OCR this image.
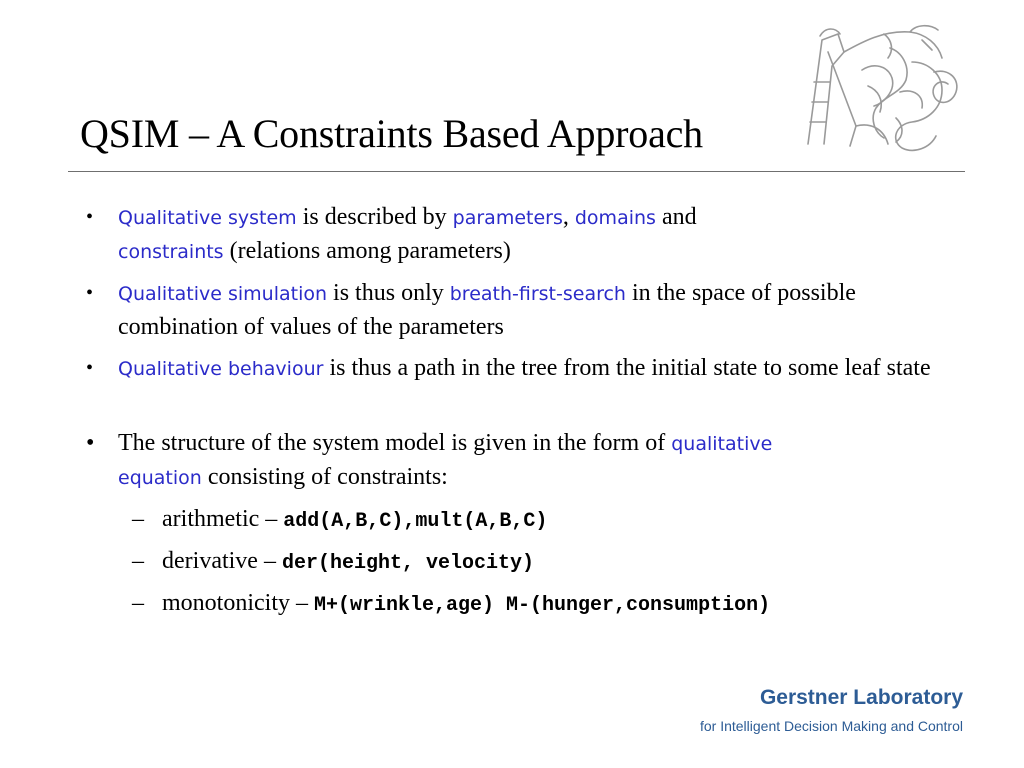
QSIM – A Constraints Based Approach
• Qualitative system is described by parameters, domains and
constraints (relations among parameters)
• Qualitative simulation is thus only breath-first-search in the space of possible combination of values of the parameters
• Qualitative behaviour is thus a path in the tree from the initial state to some leaf state
• The structure of the system model is given in the form of qualitative
equation consisting of constraints:
– arithmetic – add(A,B,C),mult(A,B,C)
– derivative – der(height, velocity)
– monotonicity – M+(wrinkle,age) M-(hunger,consumption)
Gerstner Laboratory
for Intelligent Decision Making and Control
